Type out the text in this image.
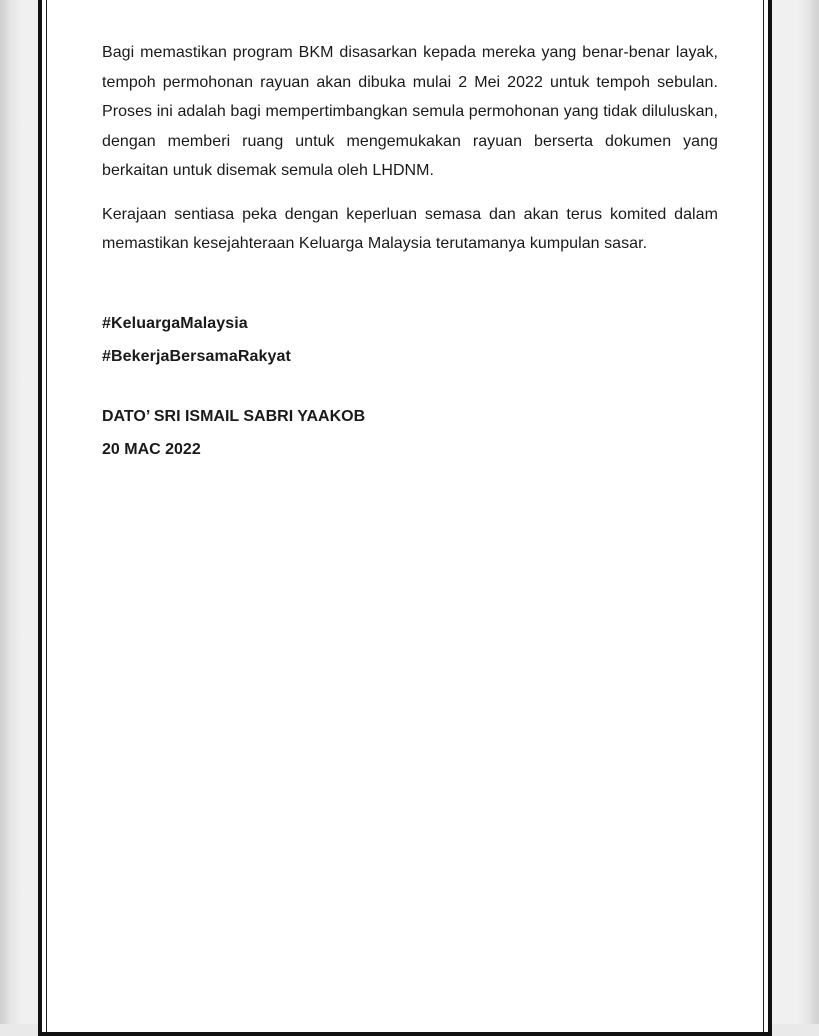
Bagi memastikan program BKM disasarkan kepada mereka yang benar-benar layak, tempoh permohonan rayuan akan dibuka mulai 2 Mei 2022 untuk tempoh sebulan. Proses ini adalah bagi mempertimbangkan semula permohonan yang tidak diluluskan, dengan memberi ruang untuk mengemukakan rayuan berserta dokumen yang berkaitan untuk disemak semula oleh LHDNM.

Kerajaan sentiasa peka dengan keperluan semasa dan akan terus komited dalam memastikan kesejahteraan Keluarga Malaysia terutamanya kumpulan sasar.

#KeluargaMalaysia

#BekerjaBersamaRakyat

DATO’ SRI ISMAIL SABRI YAAKOB

20 MAC 2022
